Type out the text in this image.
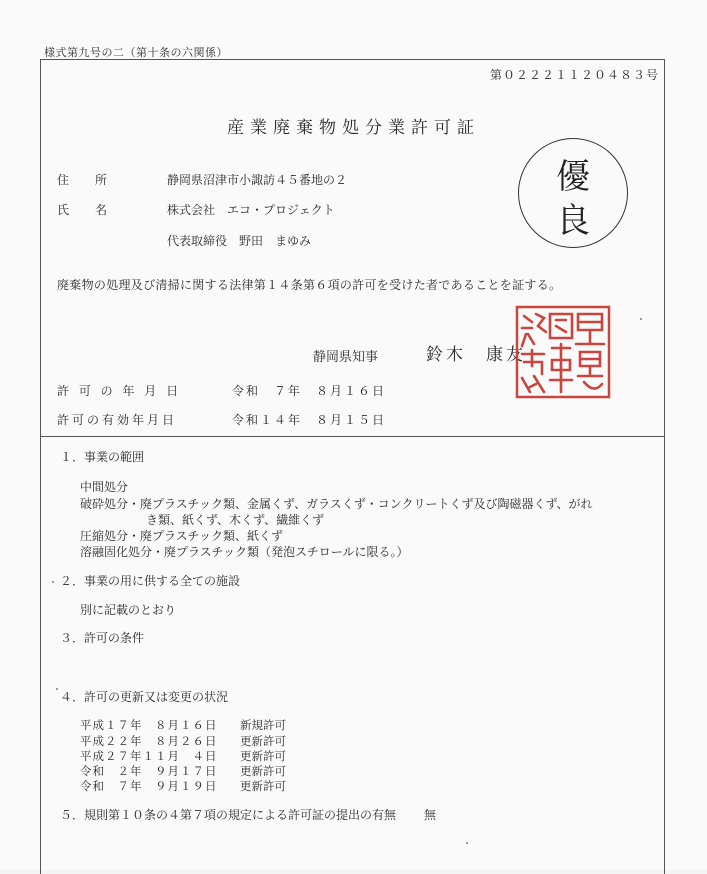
様式第九号の二（第十条の六関係）
第０２２２１１２０４８３号
産業廃棄物処分業許可証
住所	静岡県沼津市小諏訪４５番地の２
氏名	株式会社　エコ・プロジェクト
代表取締役　野田　まゆみ
優
良
廃棄物の処理及び清掃に関する法律第１４条第６項の許可を受けた者であることを証する。
静岡県知事	鈴木　康友
許 可 の 年 月 日	令和　７年　８月１６日
許可の有効年月日	令和１４年　８月１５日
１．事業の範囲
中間処分
破砕処分・廃プラスチック類、金属くず、ガラスくず・コンクリートくず及び陶磁器くず、がれ
き類、紙くず、木くず、繊維くず
圧縮処分・廃プラスチック類、紙くず
溶融固化処分・廃プラスチック類（発泡スチロールに限る。）
２．事業の用に供する全ての施設
別に記載のとおり
３．許可の条件
４．許可の更新又は変更の状況
平成１７年　８月１６日 新規許可
平成２２年　８月２６日 更新許可
平成２７年１１月　４日 更新許可
令和　２年　９月１７日 更新許可
令和　７年　９月１９日 更新許可
５．規則第１０条の４第７項の規定による許可証の提出の有無 無
